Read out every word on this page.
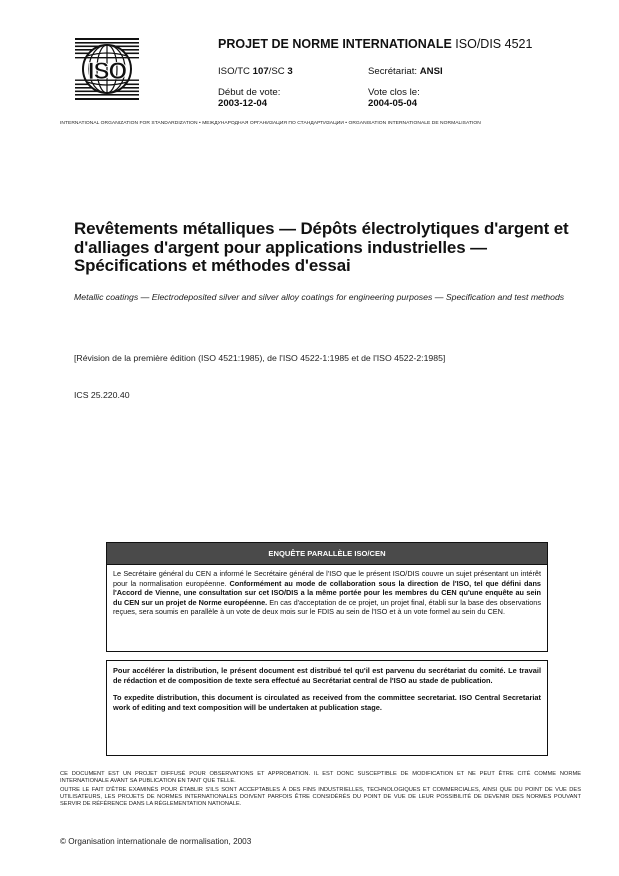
ISO
PROJET DE NORME INTERNATIONALE ISO/DIS 4521
ISO/TC 107/SC 3	Secrétariat: ANSI
Début de vote:
2003-12-04
Vote clos le:
2004-05-04
INTERNATIONAL ORGANIZATION FOR STANDARDIZATION • МЕЖДУНАРОДНАЯ ОРГАНИЗАЦИЯ ПО СТАНДАРТИЗАЦИИ • ORGANISATION INTERNATIONALE DE NORMALISATION
Revêtements métalliques — Dépôts électrolytiques d'argent et d'alliages d'argent pour applications industrielles — Spécifications et méthodes d'essai
Metallic coatings — Electrodeposited silver and silver alloy coatings for engineering purposes — Specification and test methods
[Révision de la première édition (ISO 4521:1985), de l'ISO 4522-1:1985 et de l'ISO 4522-2:1985]
ICS 25.220.40
ENQUÊTE PARALLÈLE ISO/CEN
Le Secrétaire général du CEN a informé le Secrétaire général de l'ISO que le présent ISO/DIS couvre un sujet présentant un intérêt pour la normalisation européenne. Conformément au mode de collaboration sous la direction de l'ISO, tel que défini dans l'Accord de Vienne, une consultation sur cet ISO/DIS a la même portée pour les membres du CEN qu'une enquête au sein du CEN sur un projet de Norme européenne. En cas d'acceptation de ce projet, un projet final, établi sur la base des observations reçues, sera soumis en parallèle à un vote de deux mois sur le FDIS au sein de l'ISO et à un vote formel au sein du CEN.

Pour accélérer la distribution, le présent document est distribué tel qu'il est parvenu du secrétariat du comité. Le travail de rédaction et de composition de texte sera effectué au Secrétariat central de l'ISO au stade de publication.

To expedite distribution, this document is circulated as received from the committee secretariat. ISO Central Secretariat work of editing and text composition will be undertaken at publication stage.

CE DOCUMENT EST UN PROJET DIFFUSÉ POUR OBSERVATIONS ET APPROBATION. IL EST DONC SUSCEPTIBLE DE MODIFICATION ET NE PEUT ÊTRE CITÉ COMME NORME INTERNATIONALE AVANT SA PUBLICATION EN TANT QUE TELLE.

OUTRE LE FAIT D'ÊTRE EXAMINÉS POUR ÉTABLIR S'ILS SONT ACCEPTABLES À DES FINS INDUSTRIELLES, TECHNOLOGIQUES ET COMMERCIALES, AINSI QUE DU POINT DE VUE DES UTILISATEURS, LES PROJETS DE NORMES INTERNATIONALES DOIVENT PARFOIS ÊTRE CONSIDÉRÉS DU POINT DE VUE DE LEUR POSSIBILITÉ DE DEVENIR DES NORMES POUVANT SERVIR DE RÉFÉRENCE DANS LA RÉGLEMENTATION NATIONALE.

© Organisation internationale de normalisation, 2003
